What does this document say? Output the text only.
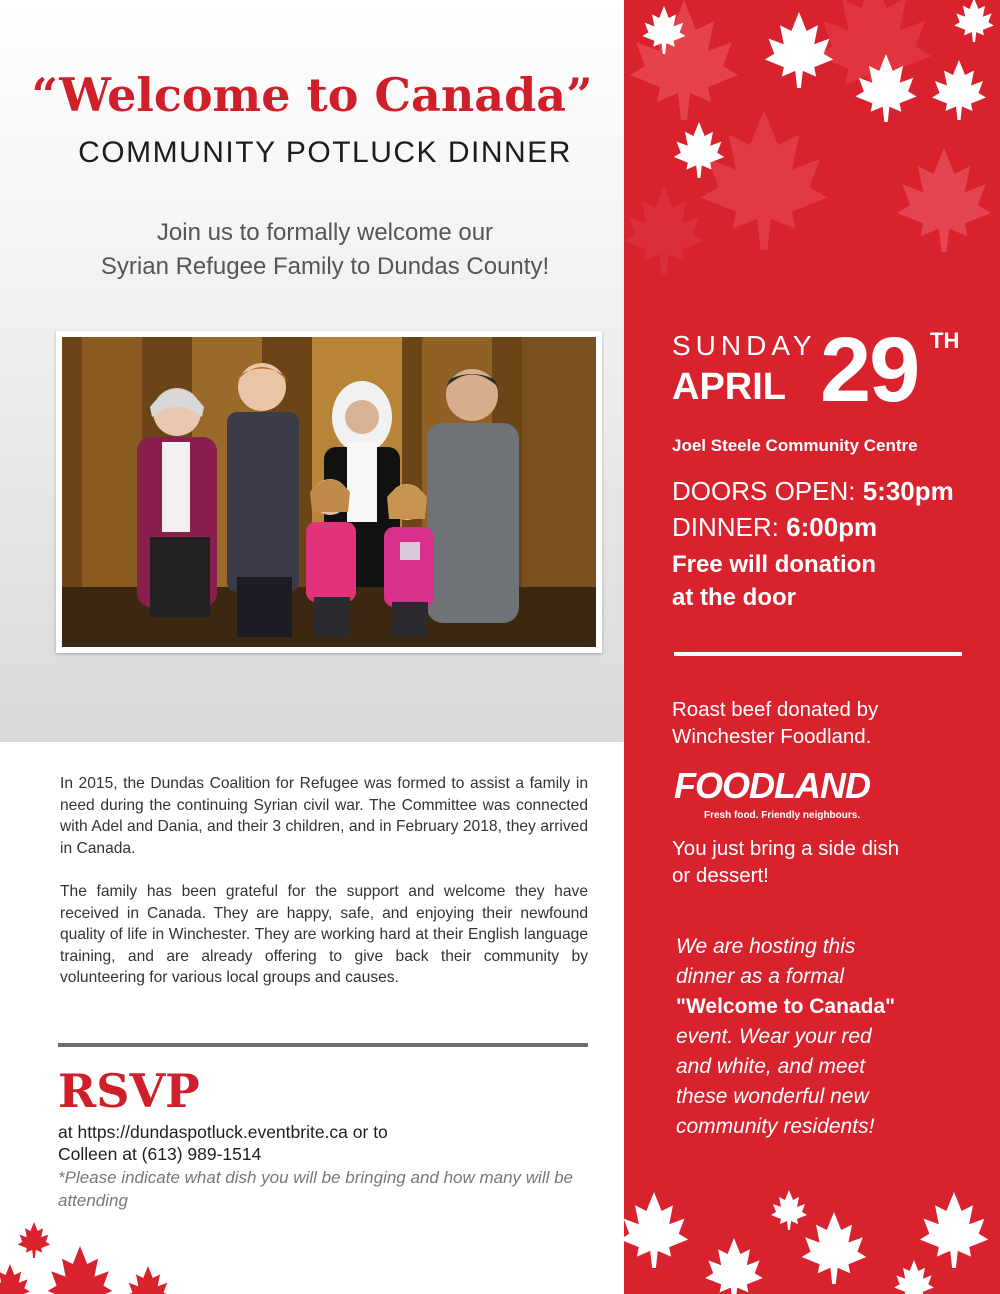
“Welcome to Canada”
COMMUNITY POTLUCK DINNER
Join us to formally welcome our
Syrian Refugee Family to Dundas County!

In 2015, the Dundas Coalition for Refugee was formed to assist a family in need during the continuing Syrian civil war. The Committee was connected with Adel and Dania, and their 3 children, and in February 2018, they arrived in Canada.

The family has been grateful for the support and welcome they have received in Canada. They are happy, safe, and enjoying their newfound quality of life in Winchester. They are working hard at their English language training, and are already offering to give back their community by volunteering for various local groups and causes.

RSVP
at https://dundaspotluck.eventbrite.ca or to
Colleen at (613) 989-1514
*Please indicate what dish you will be bringing and how many will be attending
SUNDAY
APRIL 29 TH
Joel Steele Community Centre
DOORS OPEN: 5:30pm
DINNER: 6:00pm
Free will donation
at the door
Roast beef donated by
Winchester Foodland.
FOODLAND
Fresh food. Friendly neighbours.
You just bring a side dish
or dessert!
We are hosting this
dinner as a formal
"Welcome to Canada"
event. Wear your red
and white, and meet
these wonderful new
community residents!
